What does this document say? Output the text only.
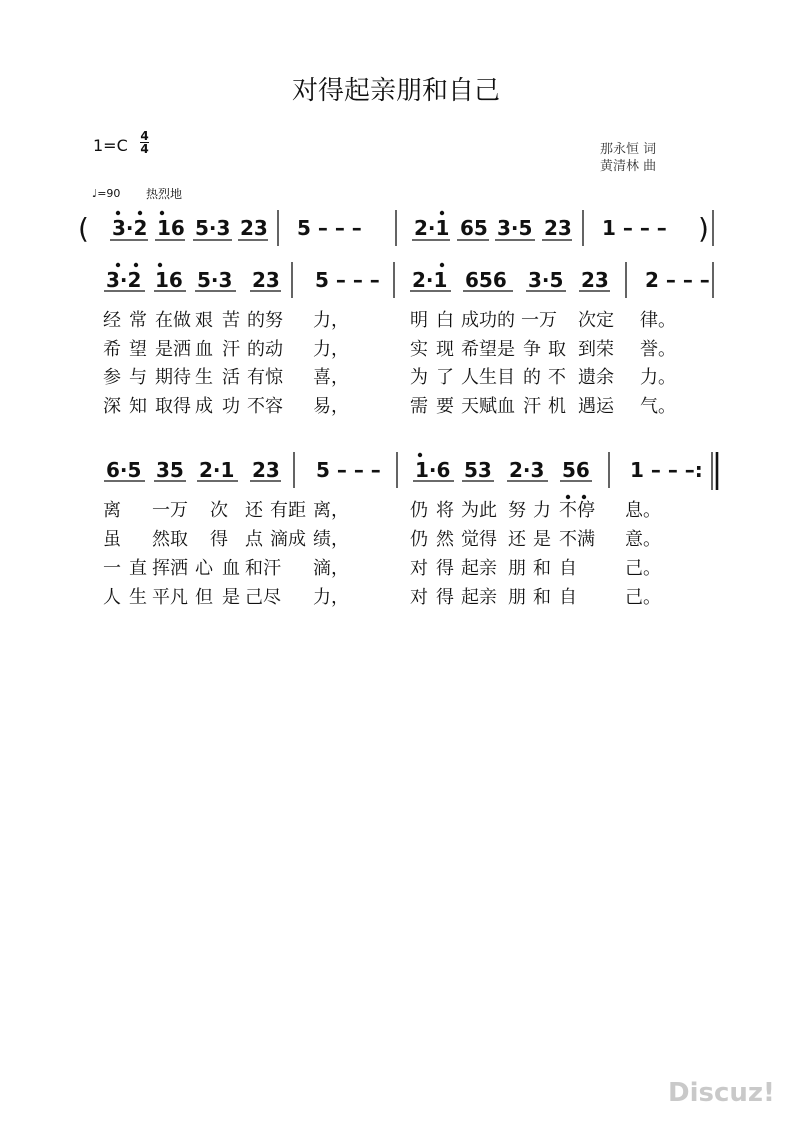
对得起亲朋和自己
1=C 4
4	那永恒 词
黄清林 曲
♩=90 热烈地
(	)
3·2 16 5·3 23 5 – – –	2·1 65 3·5 23 1 – – –
3·2 16 5·3 23 5 – – – 2·1 656 3·5 23 2 – – –
经 常 在做 艰 苦 的努 力，	明 白 成功的 一万 次定 律。
希 望 是洒 血 汗 的动 力，	实 现 希望是 争 取 到荣 誉。
参 与 期待 生 活 有惊 喜，	为 了 人生目 的 不 遗余 力。
深 知 取得 成 功 不容 易，	需 要 天赋血 汗 机 遇运 气。
6·5 35 2·1 23 5 – – – 1·6 53 2·3 56 1 – – –:
离 一万 次 还 有距 离，	仍 将 为此 努 力 不停 息。
虽 然取 得 点 滴成 绩，	仍 然 觉得 还 是 不满 意。
一 直 挥洒 心 血 和汗 滴，	对 得 起亲 朋 和 自	己。
人 生 平凡 但 是 己尽 力，	对 得 起亲 朋 和 自	己。
Discuz!
